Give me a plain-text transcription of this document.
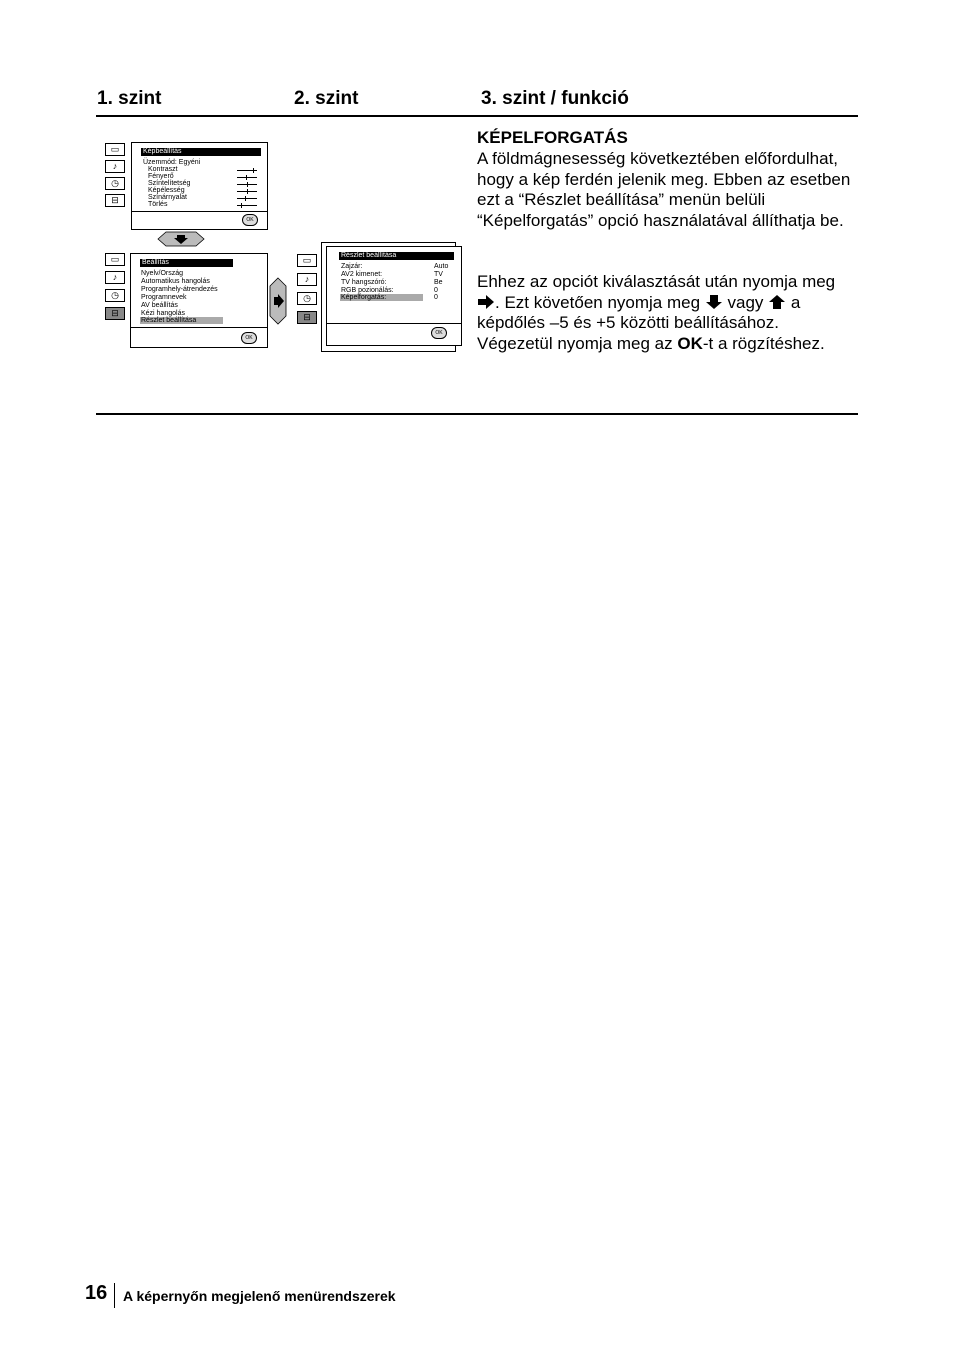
1. szint	2. szint	3. szint / funkció
▭
♪
◷
⊟
Képbeállítás
Üzemmód: Egyéni
Kontraszt
Fényerő
Színtelítetség
Képélesség
Színárnyalat
Törlés
OK
▭
♪
◷
⊟
Beállítás
Nyelv/Ország
Automatikus hangolás
Programhely-átrendezés
Programnevek
AV beállítás
Kézi hangolás
Részlet beállítása
OK
▭
♪
◷
⊟
Részlet beállítása
Zajzár:
AV2 kimenet:
TV hangszóró:
RGB pozionálás:
Képelforgatás:
Auto
TV
Be
0
0
OK
KÉPELFORGATÁS
A földmágnesesség következtében előfordulhat, hogy a kép ferdén jelenik meg. Ebben az esetben ezt a “Részlet beállítása” menün belüli “Képelforgatás” opció használatával állíthatja be.
Ehhez az opciót kiválasztását után nyomja meg . Ezt követően nyomja meg vagy a képdőlés –5 és +5 közötti beállításához. Végezetül nyomja meg az OK-t a rögzítéshez.
16 A képernyőn megjelenő menürendszerek
